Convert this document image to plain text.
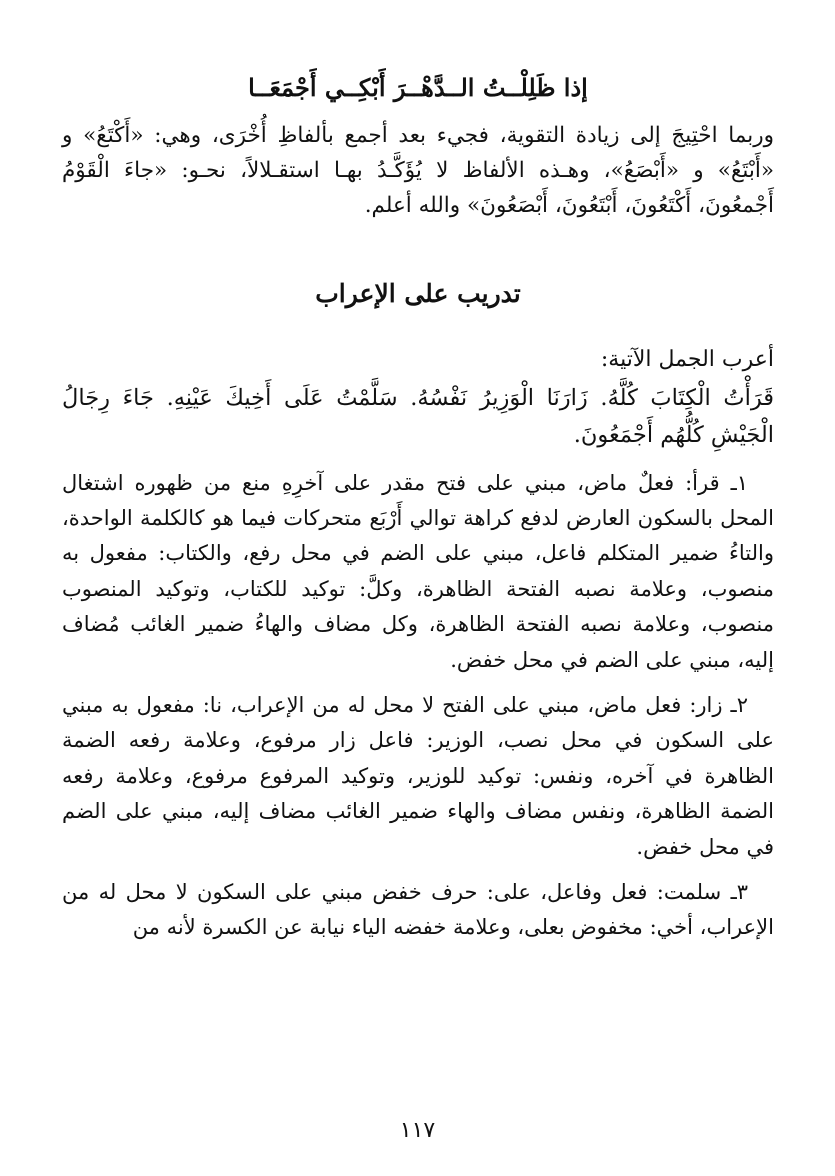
إذا ظَلِلْــتُ الــدَّهْــرَ أَبْكِــي أَجْمَعَــا

وربما احْتِيجَ إلى زيادة التقوية، فجيء بعد أجمع بألفاظِ أُخْرَى، وهي: «أَكْتَعُ» و «أَبْتَعُ» و «أَبْصَعُ»، وهـذه الألفاظ لا يُؤَكَّـدُ بهـا استقـلالاً، نحـو: «جاءَ الْقَوْمُ أَجْمعُونَ، أَكْتَعُونَ، أَبْتَعُونَ، أَبْصَعُونَ» والله أعلم.

تدريب على الإعراب

أعرب الجمل الآتية:

قَرَأْتُ الْكِتَابَ كُلَّهُ. زَارَنَا الْوَزِيرُ نَفْسُهُ. سَلَّمْتُ عَلَى أَخِيكَ عَيْنِهِ. جَاءَ رِجَالُ الْجَيْشِ كُلُّهُم أَجْمَعُونَ.

١ـ قرأ: فعلٌ ماض، مبني على فتح مقدر على آخرِهِ منع من ظهوره اشتغال المحل بالسكون العارض لدفع كراهة توالي أَرْبَع متحركات فيما هو كالكلمة الواحدة، والتاءُ ضمير المتكلم فاعل، مبني على الضم في محل رفع، والكتاب: مفعول به منصوب، وعلامة نصبه الفتحة الظاهرة، وكلَّ: توكيد للكتاب، وتوكيد المنصوب منصوب، وعلامة نصبه الفتحة الظاهرة، وكل مضاف والهاءُ ضمير الغائب مُضاف إليه، مبني على الضم في محل خفض.

٢ـ زار: فعل ماض، مبني على الفتح لا محل له من الإعراب، نا: مفعول به مبني على السكون في محل نصب، الوزير: فاعل زار مرفوع، وعلامة رفعه الضمة الظاهرة في آخره، ونفس: توكيد للوزير، وتوكيد المرفوع مرفوع، وعلامة رفعه الضمة الظاهرة، ونفس مضاف والهاء ضمير الغائب مضاف إليه، مبني على الضم في محل خفض.

٣ـ سلمت: فعل وفاعل، على: حرف خفض مبني على السكون لا محل له من الإعراب، أخي: مخفوض بعلى، وعلامة خفضه الياء نيابة عن الكسرة لأنه من

١١٧
